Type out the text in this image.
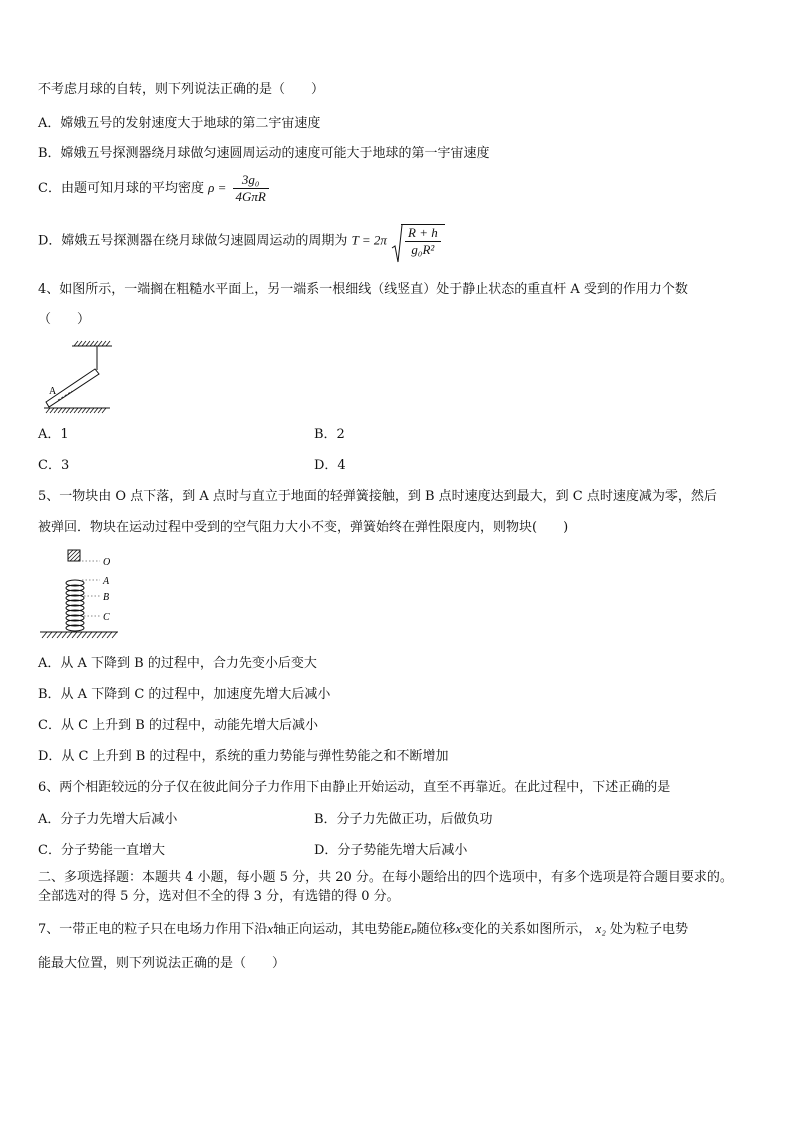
不考虑月球的自转，则下列说法正确的是（　　）
A．嫦娥五号的发射速度大于地球的第二宇宙速度
B．嫦娥五号探测器绕月球做匀速圆周运动的速度可能大于地球的第一宇宙速度
C．由题可知月球的平均密度 $\rho = \frac{\text{3g₀}}{\text{4GπR}}$
D．嫦娥五号探测器在绕月球做匀速圆周运动的周期为 $T = 2\pi \frac{R + h}{\text{g₀R²}}$
4、如图所示，一端搁在粗糙水平面上，另一端系一根细线（线竖直）处于静止状态的重直杆 A 受到的作用力个数
（　　）
A
A．1	B．2
C．3	D．4
5、一物块由 O 点下落，到 A 点时与直立于地面的轻弹簧接触，到 B 点时速度达到最大，到 C 点时速度减为零，然后
被弹回．物块在运动过程中受到的空气阻力大小不变，弹簧始终在弹性限度内，则物块(　　)
O
A
B
C
A．从 A 下降到 B 的过程中，合力先变小后变大
B．从 A 下降到 C 的过程中，加速度先增大后减小
C．从 C 上升到 B 的过程中，动能先增大后减小
D．从 C 上升到 B 的过程中，系统的重力势能与弹性势能之和不断增加
6、两个相距较远的分子仅在彼此间分子力作用下由静止开始运动，直至不再靠近。在此过程中，下述正确的是
A．分子力先增大后减小	B．分子力先做正功，后做负功
C．分子势能一直增大	D．分子势能先增大后减小
二、多项选择题：本题共 4 小题，每小题 5 分，共 20 分。在每小题给出的四个选项中，有多个选项是符合题目要求的。
全部选对的得 5 分，选对但不全的得 3 分，有选错的得 0 分。
7、一带正电的粒子只在电场力作用下沿x轴正向运动，其电势能Eₚ随位移x变化的关系如图所示， x₂ 处为粒子电势
能最大位置，则下列说法正确的是（　　）
